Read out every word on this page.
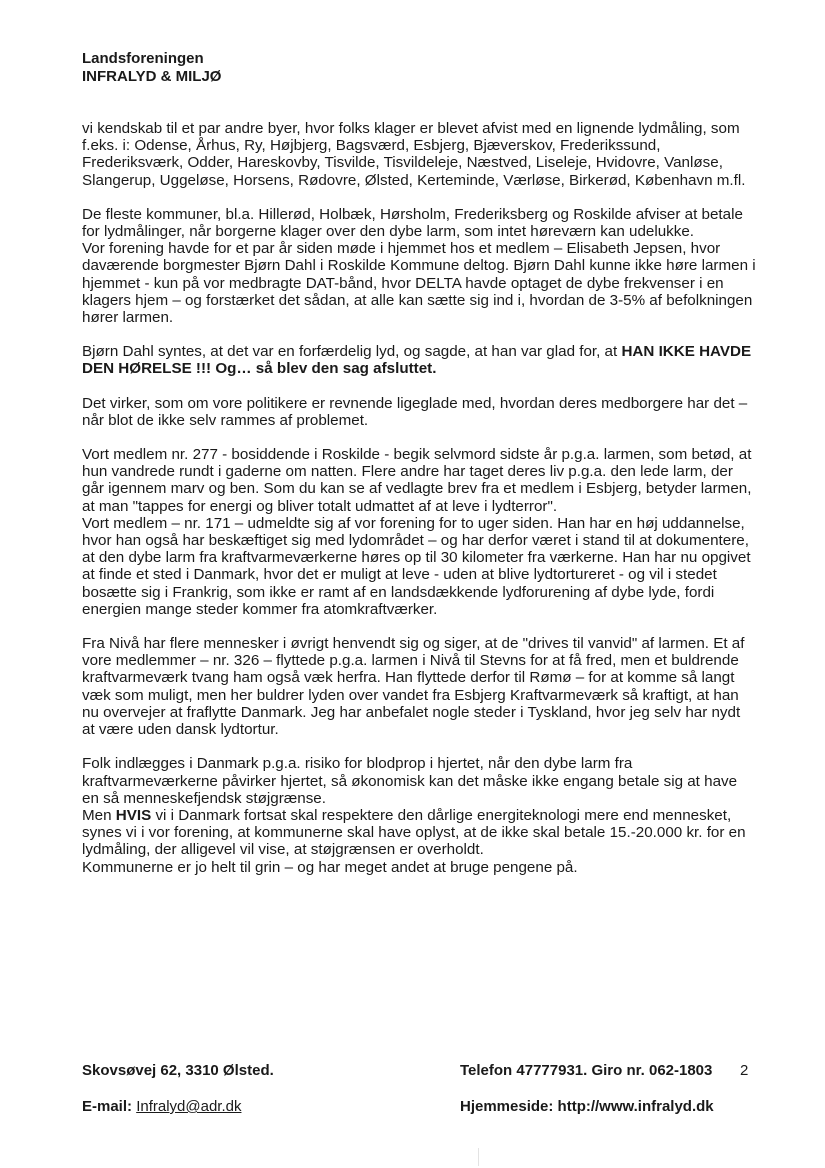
Landsforeningen
INFRALYD & MILJØ

vi kendskab til et par andre byer, hvor folks klager er blevet afvist med en lignende lydmåling, som f.eks. i: Odense, Århus, Ry, Højbjerg, Bagsværd, Esbjerg, Bjæverskov, Frederikssund, Frederiksværk, Odder, Hareskovby, Tisvilde, Tisvildeleje, Næstved, Liseleje, Hvidovre, Vanløse, Slangerup, Uggeløse, Horsens, Rødovre, Ølsted, Kerteminde, Værløse, Birkerød, København m.fl.

De fleste kommuner, bl.a. Hillerød, Holbæk, Hørsholm, Frederiksberg og Roskilde afviser at betale for lydmålinger, når borgerne klager over den dybe larm, som intet høreværn kan udelukke.

Vor forening havde for et par år siden møde i hjemmet hos et medlem – Elisabeth Jepsen, hvor daværende borgmester Bjørn Dahl i Roskilde Kommune deltog. Bjørn Dahl kunne ikke høre larmen i hjemmet - kun på vor medbragte DAT-bånd, hvor DELTA havde optaget de dybe frekvenser i en klagers hjem – og forstærket det sådan, at alle kan sætte sig ind i, hvordan de 3-5% af befolkningen hører larmen.

Bjørn Dahl syntes, at det var en forfærdelig lyd, og sagde, at han var glad for, at HAN IKKE HAVDE DEN HØRELSE !!! Og… så blev den sag afsluttet.

Det virker, som om vore politikere er revnende ligeglade med, hvordan deres medborgere har det – når blot de ikke selv rammes af problemet.

Vort medlem nr. 277 - bosiddende i Roskilde - begik selvmord sidste år p.g.a. larmen, som betød, at hun vandrede rundt i gaderne om natten. Flere andre har taget deres liv p.g.a. den lede larm, der går igennem marv og ben. Som du kan se af vedlagte brev fra et medlem i Esbjerg, betyder larmen, at man "tappes for energi og bliver totalt udmattet af at leve i lydterror".

Vort medlem – nr. 171 – udmeldte sig af vor forening for to uger siden. Han har en høj uddannelse, hvor han også har beskæftiget sig med lydområdet – og har derfor været i stand til at dokumentere, at den dybe larm fra kraftvarmeværkerne høres op til 30 kilometer fra værkerne. Han har nu opgivet at finde et sted i Danmark, hvor det er muligt at leve - uden at blive lydtortureret - og vil i stedet bosætte sig i Frankrig, som ikke er ramt af en landsdækkende lydforurening af dybe lyde, fordi energien mange steder kommer fra atomkraftværker.

Fra Nivå har flere mennesker i øvrigt henvendt sig og siger, at de "drives til vanvid" af larmen. Et af vore medlemmer – nr. 326 – flyttede p.g.a. larmen i Nivå til Stevns for at få fred, men et buldrende kraftvarmeværk tvang ham også væk herfra. Han flyttede derfor til Rømø – for at komme så langt væk som muligt, men her buldrer lyden over vandet fra Esbjerg Kraftvarmeværk så kraftigt, at han nu overvejer at fraflytte Danmark. Jeg har anbefalet nogle steder i Tyskland, hvor jeg selv har nydt at være uden dansk lydtortur.

Folk indlægges i Danmark p.g.a. risiko for blodprop i hjertet, når den dybe larm fra kraftvarmeværkerne påvirker hjertet, så økonomisk kan det måske ikke engang betale sig at have en så menneskefjendsk støjgrænse.

Men HVIS vi i Danmark fortsat skal respektere den dårlige energiteknologi mere end mennesket, synes vi i vor forening, at kommunerne skal have oplyst, at de ikke skal betale 15.-20.000 kr. for en lydmåling, der alligevel vil vise, at støjgrænsen er overholdt.

Kommunerne er jo helt til grin – og har meget andet at bruge pengene på.

Skovsøvej 62, 3310 Ølsted.	Telefon 47777931. Giro nr. 062-1803	2
E-mail: Infralyd@adr.dk	Hjemmeside: http://www.infralyd.dk
